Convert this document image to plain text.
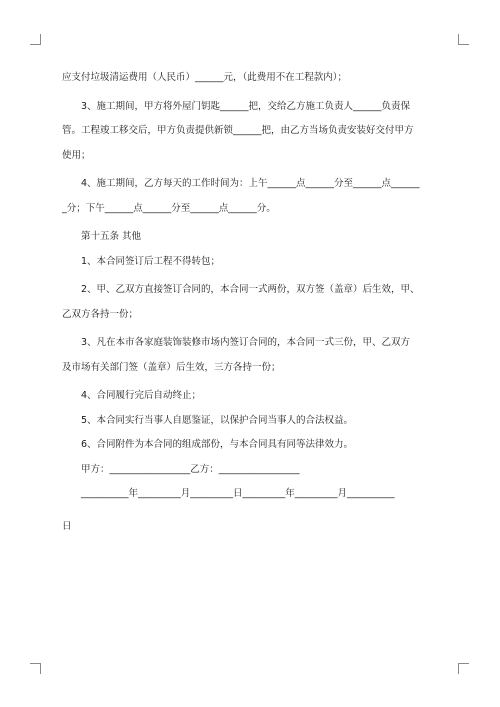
应支付垃圾清运费用（人民币）______元，（此费用不在工程款内）；

3、施工期间，甲方将外屋门钥匙______把，交给乙方施工负责人______负责保

管。工程竣工移交后，甲方负责提供新锁______把，由乙方当场负责安装好交付甲方

使用；

4、施工期间，乙方每天的工作时间为：上午______点______分至______点______

_分；下午______点______分至______点______分。

第十五条 其他

1、本合同签订后工程不得转包；

2、甲、乙双方直接签订合同的，本合同一式两份，双方签（盖章）后生效，甲、

乙双方各持一份；

3、凡在本市各家庭装饰装修市场内签订合同的，本合同一式三份，甲、乙双方

及市场有关部门签（盖章）后生效，三方各持一份；

4、合同履行完后自动终止；

5、本合同实行当事人自愿鉴证，以保护合同当事人的合法权益。

6、合同附件为本合同的组成部份，与本合同具有同等法律效力。

甲方：_________________乙方：_________________

__________年_________月_________日_________年_________月__________

日
